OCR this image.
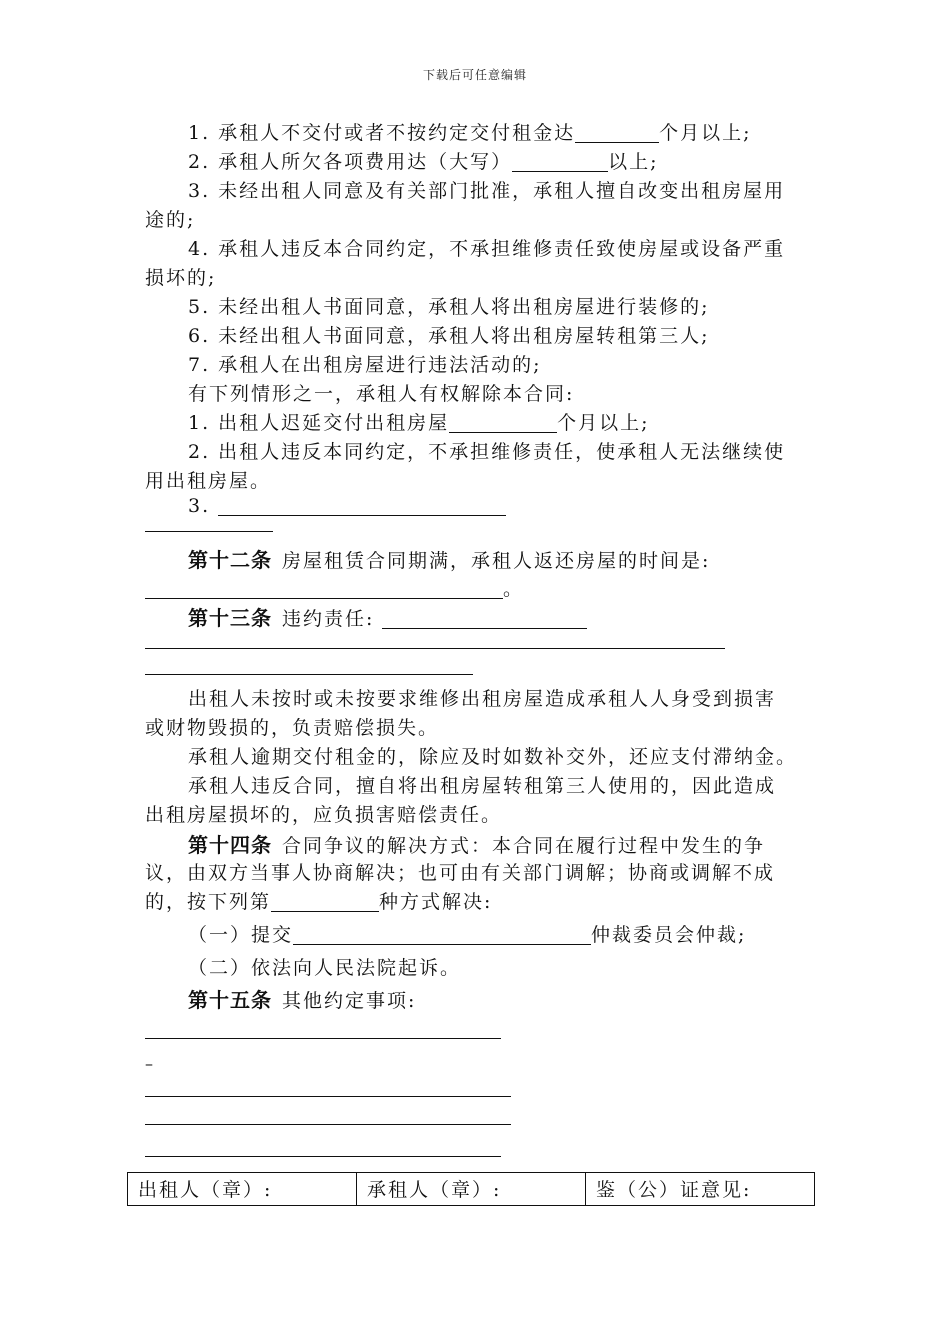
下载后可任意编辑
1. 承租人不交付或者不按约定交付租金达	个月以上;
2. 承租人所欠各项费用达（大写）	以上;
3. 未经出租人同意及有关部门批准，承租人擅自改变出租房屋用
途的;
4. 承租人违反本合同约定，不承担维修责任致使房屋或设备严重
损坏的;
5. 未经出租人书面同意，承租人将出租房屋进行装修的;
6. 未经出租人书面同意，承租人将出租房屋转租第三人;
7. 承租人在出租房屋进行违法活动的;
有下列情形之一，承租人有权解除本合同:
1. 出租人迟延交付出租房屋	个月以上;
2. 出租人违反本同约定，不承担维修责任，使承租人无法继续使
用出租房屋。
3.
第十二条 房屋租赁合同期满，承租人返还房屋的时间是:
。
第十三条 违约责任:
出租人未按时或未按要求维修出租房屋造成承租人人身受到损害
或财物毁损的，负责赔偿损失。
承租人逾期交付租金的，除应及时如数补交外，还应支付滞纳金。
承租人违反合同，擅自将出租房屋转租第三人使用的，因此造成
出租房屋损坏的，应负损害赔偿责任。
第十四条 合同争议的解决方式：本合同在履行过程中发生的争
议，由双方当事人协商解决；也可由有关部门调解；协商或调解不成
的，按下列第	种方式解决:
（一）提交	仲裁委员会仲裁;
（二）依法向人民法院起诉。
第十五条 其他约定事项:
–
出租人（章）:	承租人（章）:	鉴（公）证意见:
